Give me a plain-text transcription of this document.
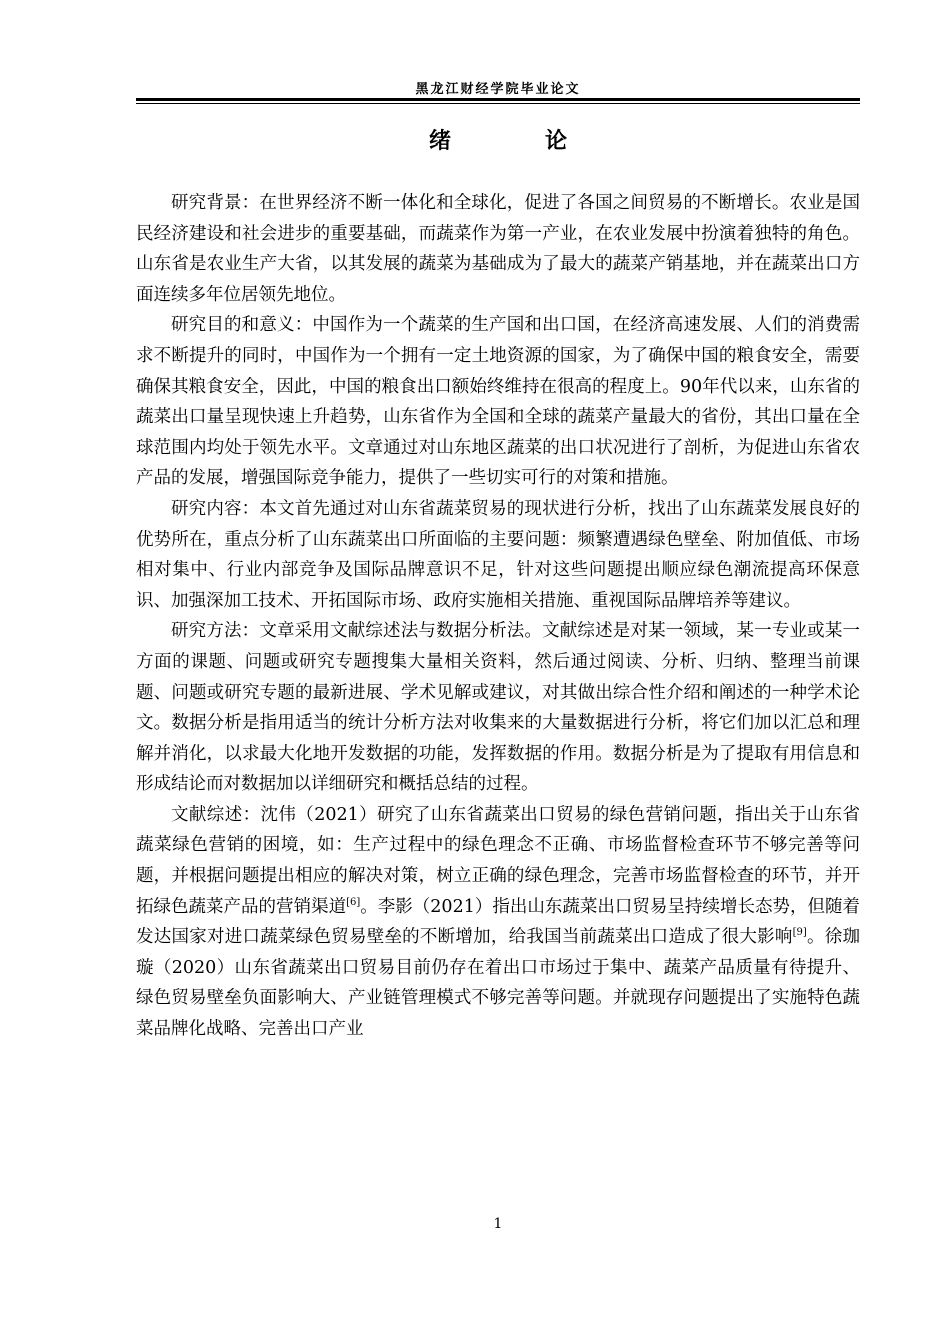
黑龙江财经学院毕业论文
绪　论

研究背景：在世界经济不断一体化和全球化，促进了各国之间贸易的不断增长。农业是国民经济建设和社会进步的重要基础，而蔬菜作为第一产业，在农业发展中扮演着独特的角色。山东省是农业生产大省，以其发展的蔬菜为基础成为了最大的蔬菜产销基地，并在蔬菜出口方面连续多年位居领先地位。

研究目的和意义：中国作为一个蔬菜的生产国和出口国，在经济高速发展、人们的消费需求不断提升的同时，中国作为一个拥有一定土地资源的国家，为了确保中国的粮食安全，需要确保其粮食安全，因此，中国的粮食出口额始终维持在很高的程度上。90年代以来，山东省的蔬菜出口量呈现快速上升趋势，山东省作为全国和全球的蔬菜产量最大的省份，其出口量在全球范围内均处于领先水平。文章通过对山东地区蔬菜的出口状况进行了剖析，为促进山东省农产品的发展，增强国际竞争能力，提供了一些切实可行的对策和措施。

研究内容：本文首先通过对山东省蔬菜贸易的现状进行分析，找出了山东蔬菜发展良好的优势所在，重点分析了山东蔬菜出口所面临的主要问题：频繁遭遇绿色壁垒、附加值低、市场相对集中、行业内部竞争及国际品牌意识不足，针对这些问题提出顺应绿色潮流提高环保意识、加强深加工技术、开拓国际市场、政府实施相关措施、重视国际品牌培养等建议。

研究方法：文章采用文献综述法与数据分析法。文献综述是对某一领域，某一专业或某一方面的课题、问题或研究专题搜集大量相关资料，然后通过阅读、分析、归纳、整理当前课题、问题或研究专题的最新进展、学术见解或建议，对其做出综合性介绍和阐述的一种学术论文。数据分析是指用适当的统计分析方法对收集来的大量数据进行分析，将它们加以汇总和理解并消化，以求最大化地开发数据的功能，发挥数据的作用。数据分析是为了提取有用信息和形成结论而对数据加以详细研究和概括总结的过程。

文献综述：沈伟（2021）研究了山东省蔬菜出口贸易的绿色营销问题，指出关于山东省蔬菜绿色营销的困境，如：生产过程中的绿色理念不正确、市场监督检查环节不够完善等问题，并根据问题提出相应的解决对策，树立正确的绿色理念，完善市场监督检查的环节，并开拓绿色蔬菜产品的营销渠道[6]。李影（2021）指出山东蔬菜出口贸易呈持续增长态势，但随着发达国家对进口蔬菜绿色贸易壁垒的不断增加，给我国当前蔬菜出口造成了很大影响[9]。徐珈璇（2020）山东省蔬菜出口贸易目前仍存在着出口市场过于集中、蔬菜产品质量有待提升、绿色贸易壁垒负面影响大、产业链管理模式不够完善等问题。并就现存问题提出了实施特色蔬菜品牌化战略、完善出口产业

1
